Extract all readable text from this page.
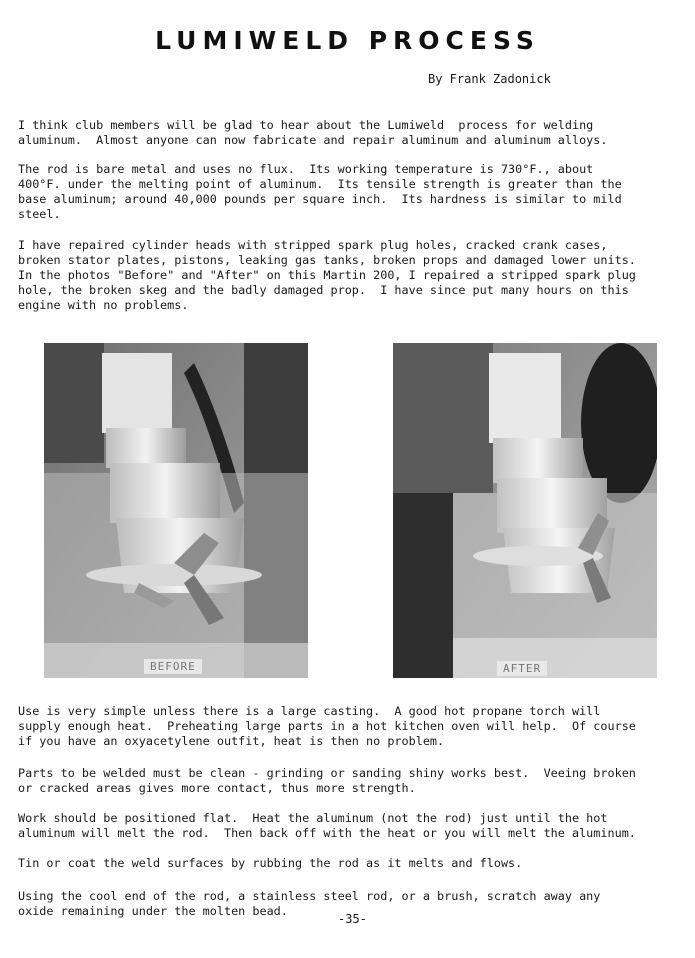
LUMIWELD PROCESS
By Frank Zadonick

I think club members will be glad to hear about the Lumiweld  process for welding
aluminum.  Almost anyone can now fabricate and repair aluminum and aluminum alloys.

The rod is bare metal and uses no flux.  Its working temperature is 730°F., about
400°F. under the melting point of aluminum.  Its tensile strength is greater than the
base aluminum; around 40,000 pounds per square inch.  Its hardness is similar to mild
steel.

I have repaired cylinder heads with stripped spark plug holes, cracked crank cases,
broken stator plates, pistons, leaking gas tanks, broken props and damaged lower units.
In the photos "Before" and "After" on this Martin 200, I repaired a stripped spark plug
hole, the broken skeg and the badly damaged prop.  I have since put many hours on this
engine with no problems.

BEFORE	AFTER

Use is very simple unless there is a large casting.  A good hot propane torch will
supply enough heat.  Preheating large parts in a hot kitchen oven will help.  Of course
if you have an oxyacetylene outfit, heat is then no problem.

Parts to be welded must be clean - grinding or sanding shiny works best.  Veeing broken
or cracked areas gives more contact, thus more strength.

Work should be positioned flat.  Heat the aluminum (not the rod) just until the hot
aluminum will melt the rod.  Then back off with the heat or you will melt the aluminum.

Tin or coat the weld surfaces by rubbing the rod as it melts and flows.

Using the cool end of the rod, a stainless steel rod, or a brush, scratch away any
oxide remaining under the molten bead.

-35-
